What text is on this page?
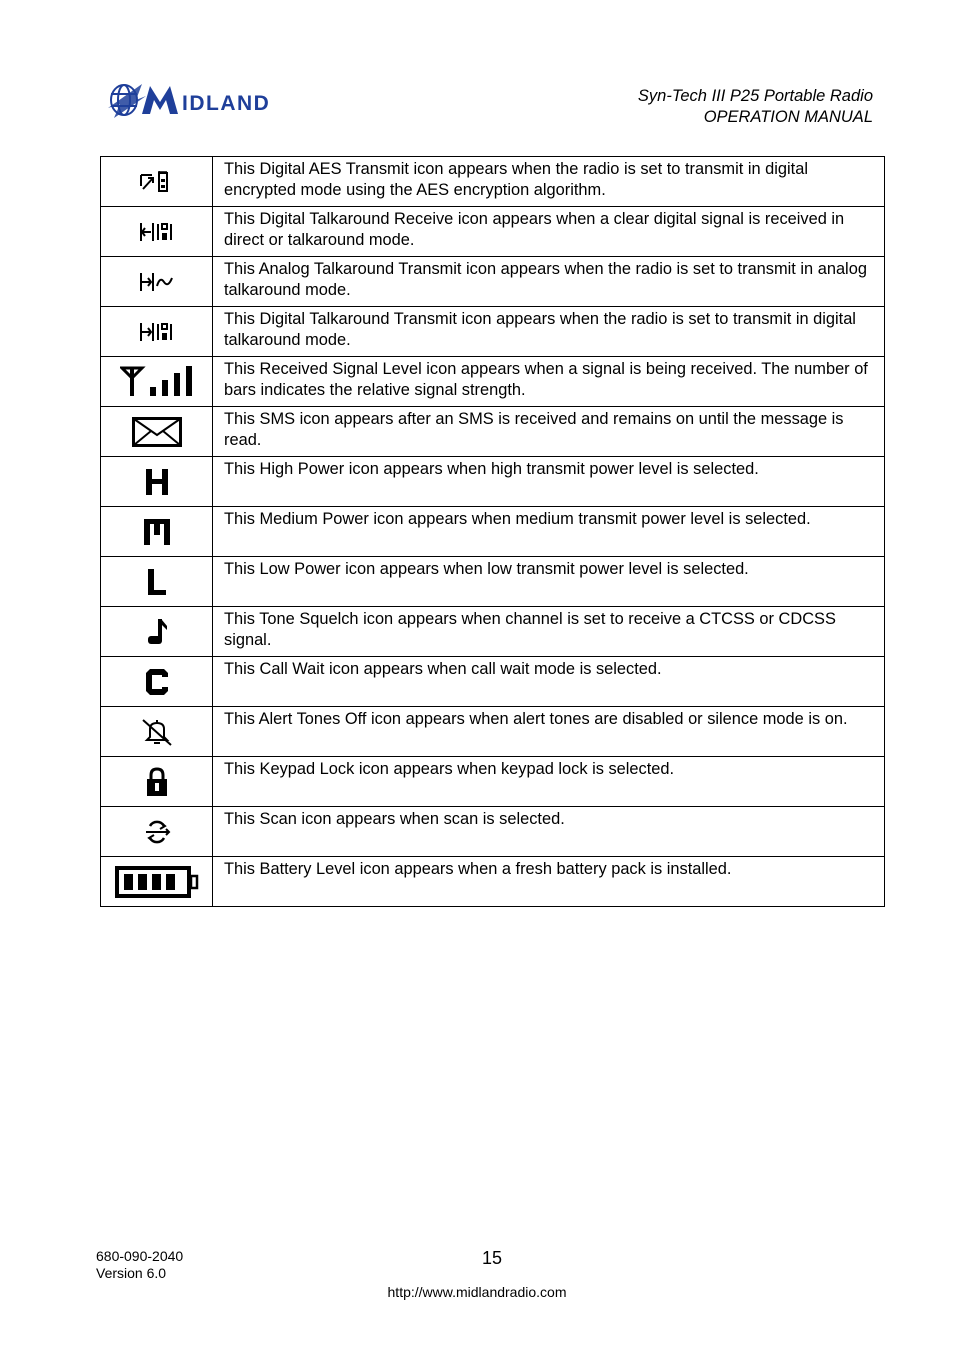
IDLAND	Syn-Tech III P25 Portable Radio
OPERATION MANUAL
	This Digital AES Transmit icon appears when the radio is set to transmit in digital encrypted mode using the AES encryption algorithm.
	This Digital Talkaround Receive icon appears when a clear digital signal is received in direct or talkaround mode.
	This Analog Talkaround Transmit icon appears when the radio is set to transmit in analog talkaround mode.
	This Digital Talkaround Transmit icon appears when the radio is set to transmit in digital talkaround mode.
	This Received Signal Level icon appears when a signal is being received. The number of bars indicates the relative signal strength.
	This SMS icon appears after an SMS is received and remains on until the message is read.
	This High Power icon appears when high transmit power level is selected.
	This Medium Power icon appears when medium transmit power level is selected.
	This Low Power icon appears when low transmit power level is selected.
	This Tone Squelch icon appears when channel is set to receive a CTCSS or CDCSS signal.
	This Call Wait icon appears when call wait mode is selected.
	This Alert Tones Off icon appears when alert tones are disabled or silence mode is on.
	This Keypad Lock icon appears when keypad lock is selected.
	This Scan icon appears when scan is selected.
	This Battery Level icon appears when a fresh battery pack is installed.
680-090-2040
Version 6.0
15
http://www.midlandradio.com
